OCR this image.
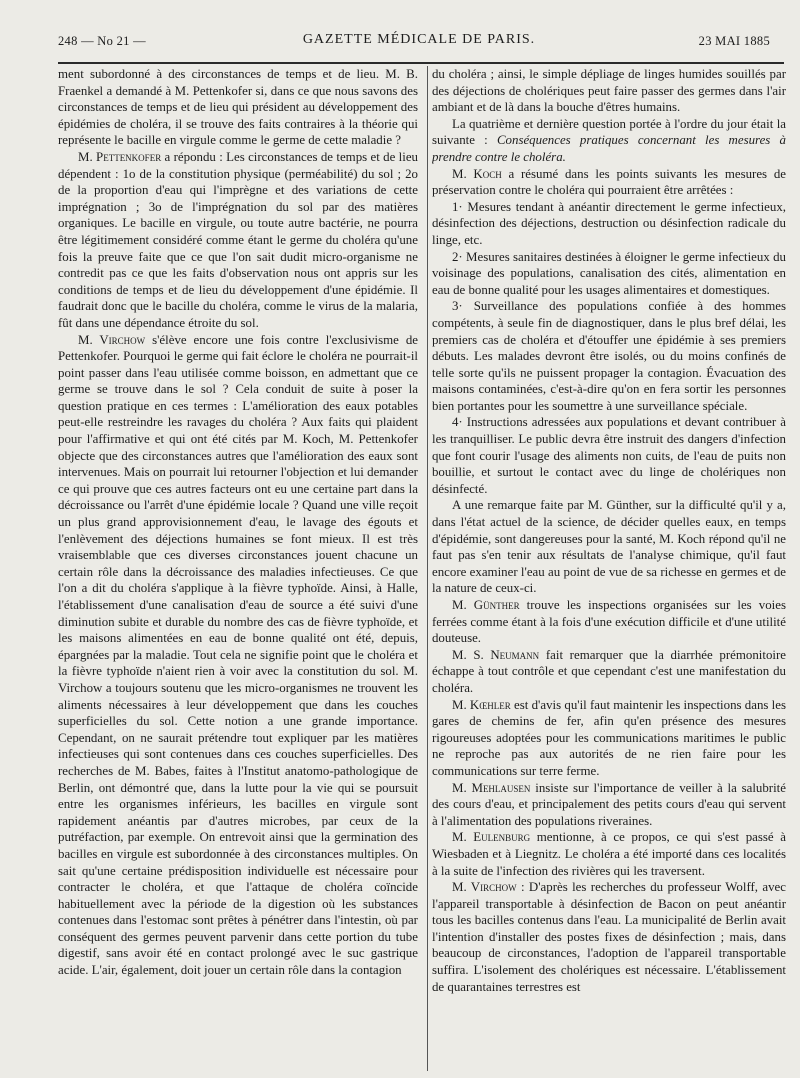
248 — No 21 —	GAZETTE MÉDICALE DE PARIS.	23 MAI 1885

ment subordonné à des circonstances de temps et de lieu. M. B. Fraenkel a demandé à M. Pettenkofer si, dans ce que nous savons des circonstances de temps et de lieu qui président au développement des épidémies de choléra, il se trouve des faits contraires à la théorie qui représente le bacille en virgule comme le germe de cette maladie ?

M. Pettenkofer a répondu : Les circonstances de temps et de lieu dépendent : 1o de la constitution physique (perméabilité) du sol ; 2o de la proportion d'eau qui l'imprègne et des variations de cette imprégnation ; 3o de l'imprégnation du sol par des matières organiques. Le bacille en virgule, ou toute autre bactérie, ne pourra être légitimement considéré comme étant le germe du choléra qu'une fois la preuve faite que ce que l'on sait dudit micro-organisme ne contredit pas ce que les faits d'observation nous ont appris sur les conditions de temps et de lieu du développement d'une épidémie. Il faudrait donc que le bacille du choléra, comme le virus de la malaria, fût dans une dépendance étroite du sol.

M. Virchow s'élève encore une fois contre l'exclusivisme de Pettenkofer. Pourquoi le germe qui fait éclore le choléra ne pourrait-il point passer dans l'eau utilisée comme boisson, en admettant que ce germe se trouve dans le sol ? Cela conduit de suite à poser la question pratique en ces termes : L'amélioration des eaux potables peut-elle restreindre les ravages du choléra ? Aux faits qui plaident pour l'affirmative et qui ont été cités par M. Koch, M. Pettenkofer objecte que des circonstances autres que l'amélioration des eaux sont intervenues. Mais on pourrait lui retourner l'objection et lui demander ce qui prouve que ces autres facteurs ont eu une certaine part dans la décroissance ou l'arrêt d'une épidémie locale ? Quand une ville reçoit un plus grand approvisionnement d'eau, le lavage des égouts et l'enlèvement des déjections humaines se font mieux. Il est très vraisemblable que ces diverses circonstances jouent chacune un certain rôle dans la décroissance des maladies infectieuses. Ce que l'on a dit du choléra s'applique à la fièvre typhoïde. Ainsi, à Halle, l'établissement d'une canalisation d'eau de source a été suivi d'une diminution subite et durable du nombre des cas de fièvre typhoïde, et les maisons alimentées en eau de bonne qualité ont été, depuis, épargnées par la maladie. Tout cela ne signifie point que le choléra et la fièvre typhoïde n'aient rien à voir avec la constitution du sol. M. Virchow a toujours soutenu que les micro-organismes ne trouvent les aliments nécessaires à leur développement que dans les couches superficielles du sol. Cette notion a une grande importance. Cependant, on ne saurait prétendre tout expliquer par les matières infectieuses qui sont contenues dans ces couches superficielles. Des recherches de M. Babes, faites à l'Institut anatomo-pathologique de Berlin, ont démontré que, dans la lutte pour la vie qui se poursuit entre les organismes inférieurs, les bacilles en virgule sont rapidement anéantis par d'autres microbes, par ceux de la putréfaction, par exemple. On entrevoit ainsi que la germination des bacilles en virgule est subordonnée à des circonstances multiples. On sait qu'une certaine prédisposition individuelle est nécessaire pour contracter le choléra, et que l'attaque de choléra coïncide habituellement avec la période de la digestion où les substances contenues dans l'estomac sont prêtes à pénétrer dans l'intestin, où par conséquent des germes peuvent parvenir dans cette portion du tube digestif, sans avoir été en contact prolongé avec le suc gastrique acide. L'air, également, doit jouer un certain rôle dans la contagion

du choléra ; ainsi, le simple dépliage de linges humides souillés par des déjections de cholériques peut faire passer des germes dans l'air ambiant et de là dans la bouche d'êtres humains.

La quatrième et dernière question portée à l'ordre du jour était la suivante : Conséquences pratiques concernant les mesures à prendre contre le choléra.

M. Koch a résumé dans les points suivants les mesures de préservation contre le choléra qui pourraient être arrêtées :

1· Mesures tendant à anéantir directement le germe infectieux, désinfection des déjections, destruction ou désinfection radicale du linge, etc.

2· Mesures sanitaires destinées à éloigner le germe infectieux du voisinage des populations, canalisation des cités, alimentation en eau de bonne qualité pour les usages alimentaires et domestiques.

3· Surveillance des populations confiée à des hommes compétents, à seule fin de diagnostiquer, dans le plus bref délai, les premiers cas de choléra et d'étouffer une épidémie à ses premiers débuts. Les malades devront être isolés, ou du moins confinés de telle sorte qu'ils ne puissent propager la contagion. Évacuation des maisons contaminées, c'est-à-dire qu'on en fera sortir les personnes bien portantes pour les soumettre à une surveillance spéciale.

4· Instructions adressées aux populations et devant contribuer à les tranquilliser. Le public devra être instruit des dangers d'infection que font courir l'usage des aliments non cuits, de l'eau de puits non bouillie, et surtout le contact avec du linge de cholériques non désinfecté.

A une remarque faite par M. Günther, sur la difficulté qu'il y a, dans l'état actuel de la science, de décider quelles eaux, en temps d'épidémie, sont dangereuses pour la santé, M. Koch répond qu'il ne faut pas s'en tenir aux résultats de l'analyse chimique, qu'il faut encore examiner l'eau au point de vue de sa richesse en germes et de la nature de ceux-ci.

M. Günther trouve les inspections organisées sur les voies ferrées comme étant à la fois d'une exécution difficile et d'une utilité douteuse.

M. S. Neumann fait remarquer que la diarrhée prémonitoire échappe à tout contrôle et que cependant c'est une manifestation du choléra.

M. Kœhler est d'avis qu'il faut maintenir les inspections dans les gares de chemins de fer, afin qu'en présence des mesures rigoureuses adoptées pour les communications maritimes le public ne reproche pas aux autorités de ne rien faire pour les communications sur terre ferme.

M. Mehlausen insiste sur l'importance de veiller à la salubrité des cours d'eau, et principalement des petits cours d'eau qui servent à l'alimentation des populations riveraines.

M. Eulenburg mentionne, à ce propos, ce qui s'est passé à Wiesbaden et à Liegnitz. Le choléra a été importé dans ces localités à la suite de l'infection des rivières qui les traversent.

M. Virchow : D'après les recherches du professeur Wolff, avec l'appareil transportable à désinfection de Bacon on peut anéantir tous les bacilles contenus dans l'eau. La municipalité de Berlin avait l'intention d'installer des postes fixes de désinfection ; mais, dans beaucoup de circonstances, l'adoption de l'appareil transportable suffira. L'isolement des cholériques est nécessaire. L'établissement de quarantaines terrestres est
